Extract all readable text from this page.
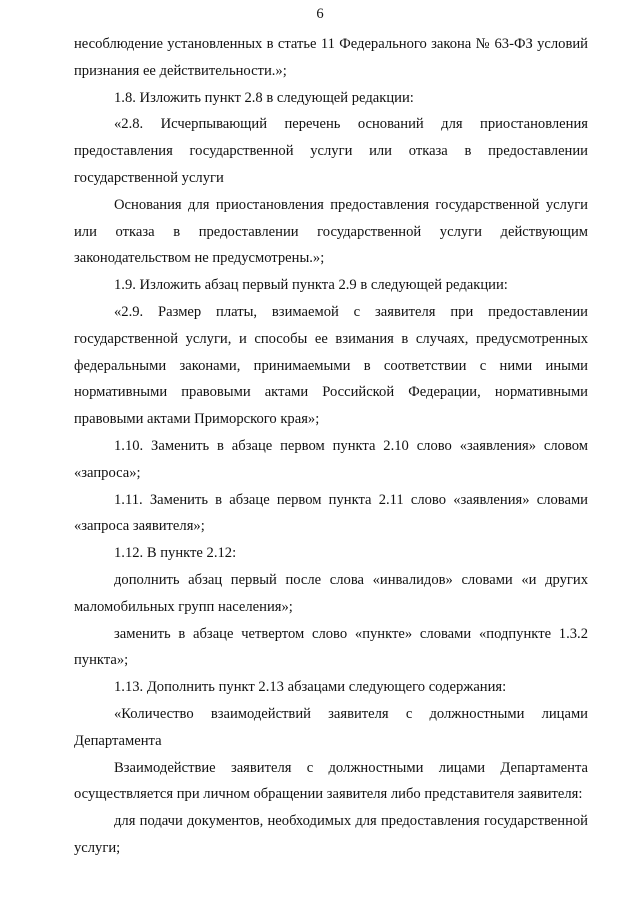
6

несоблюдение установленных в статье 11 Федерального закона № 63-ФЗ условий признания ее действительности.»;

1.8. Изложить пункт 2.8 в следующей редакции:

«2.8. Исчерпывающий перечень оснований для приостановления предоставления государственной услуги или отказа в предоставлении государственной услуги

Основания для приостановления предоставления государственной услуги или отказа в предоставлении государственной услуги действующим законодательством не предусмотрены.»;

1.9. Изложить абзац первый пункта 2.9 в следующей редакции:

«2.9. Размер платы, взимаемой с заявителя при предоставлении государственной услуги, и способы ее взимания в случаях, предусмотренных федеральными законами, принимаемыми в соответствии с ними иными нормативными правовыми актами Российской Федерации, нормативными правовыми актами Приморского края»;

1.10. Заменить в абзаце первом пункта 2.10 слово «заявления» словом «запроса»;

1.11. Заменить в абзаце первом пункта 2.11 слово «заявления» словами «запроса заявителя»;

1.12. В пункте 2.12:

дополнить абзац первый после слова «инвалидов» словами «и других маломобильных групп населения»;

заменить в абзаце четвертом слово «пункте» словами «подпункте 1.3.2 пункта»;

1.13. Дополнить пункт 2.13 абзацами следующего содержания:

«Количество взаимодействий заявителя с должностными лицами Департамента

Взаимодействие заявителя с должностными лицами Департамента осуществляется при личном обращении заявителя либо представителя заявителя:

для подачи документов, необходимых для предоставления государственной услуги;
